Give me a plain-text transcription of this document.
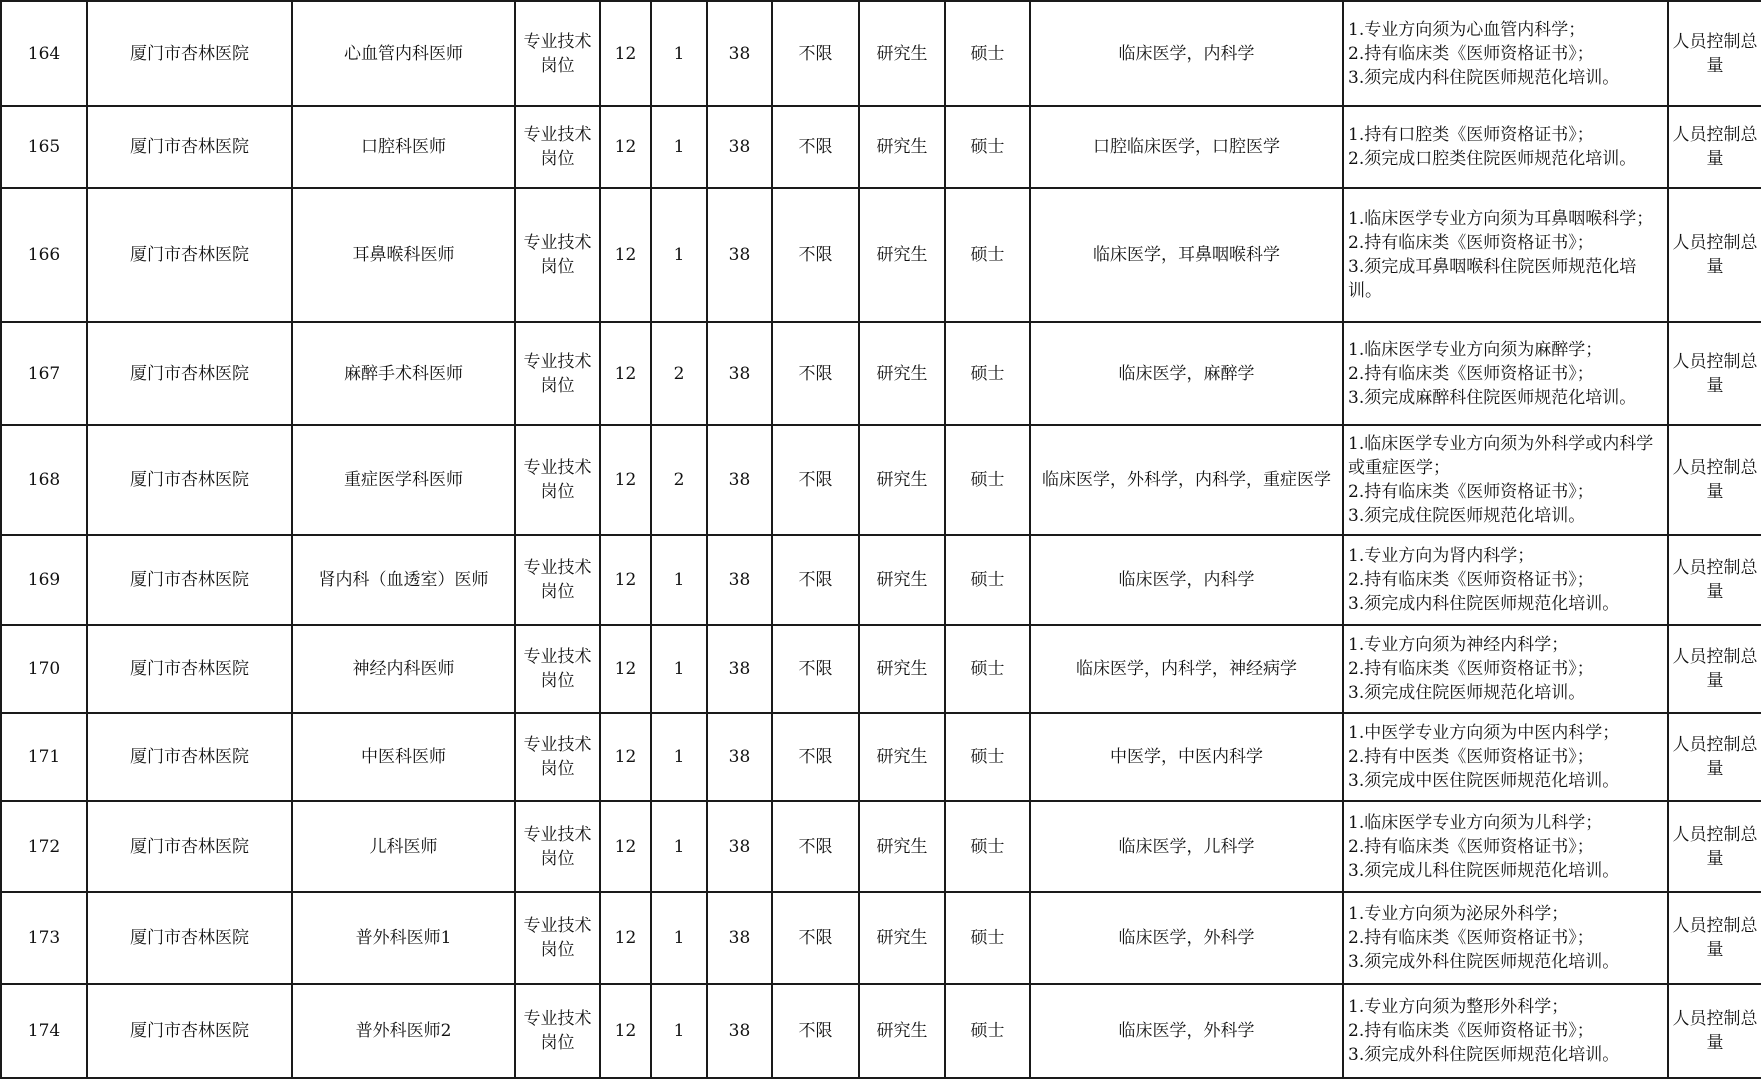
164	厦门市杏林医院	心血管内科医师	专业技术岗位	12	1	38	不限	研究生	硕士	临床医学，内科学	1.专业方向须为心血管内科学；
2.持有临床类《医师资格证书》；
3.须完成内科住院医师规范化培训。	人员控制总量
165	厦门市杏林医院	口腔科医师	专业技术岗位	12	1	38	不限	研究生	硕士	口腔临床医学，口腔医学	1.持有口腔类《医师资格证书》；
2.须完成口腔类住院医师规范化培训。	人员控制总量
166	厦门市杏林医院	耳鼻喉科医师	专业技术岗位	12	1	38	不限	研究生	硕士	临床医学，耳鼻咽喉科学	1.临床医学专业方向须为耳鼻咽喉科学；
2.持有临床类《医师资格证书》；
3.须完成耳鼻咽喉科住院医师规范化培训。	人员控制总量
167	厦门市杏林医院	麻醉手术科医师	专业技术岗位	12	2	38	不限	研究生	硕士	临床医学，麻醉学	1.临床医学专业方向须为麻醉学；
2.持有临床类《医师资格证书》；
3.须完成麻醉科住院医师规范化培训。	人员控制总量
168	厦门市杏林医院	重症医学科医师	专业技术岗位	12	2	38	不限	研究生	硕士	临床医学，外科学，内科学，重症医学	1.临床医学专业方向须为外科学或内科学或重症医学；
2.持有临床类《医师资格证书》；
3.须完成住院医师规范化培训。	人员控制总量
169	厦门市杏林医院	肾内科（血透室）医师	专业技术岗位	12	1	38	不限	研究生	硕士	临床医学，内科学	1.专业方向为肾内科学；
2.持有临床类《医师资格证书》；
3.须完成内科住院医师规范化培训。	人员控制总量
170	厦门市杏林医院	神经内科医师	专业技术岗位	12	1	38	不限	研究生	硕士	临床医学，内科学，神经病学	1.专业方向须为神经内科学；
2.持有临床类《医师资格证书》；
3.须完成住院医师规范化培训。	人员控制总量
171	厦门市杏林医院	中医科医师	专业技术岗位	12	1	38	不限	研究生	硕士	中医学，中医内科学	1.中医学专业方向须为中医内科学；
2.持有中医类《医师资格证书》；
3.须完成中医住院医师规范化培训。	人员控制总量
172	厦门市杏林医院	儿科医师	专业技术岗位	12	1	38	不限	研究生	硕士	临床医学，儿科学	1.临床医学专业方向须为儿科学；
2.持有临床类《医师资格证书》；
3.须完成儿科住院医师规范化培训。	人员控制总量
173	厦门市杏林医院	普外科医师1	专业技术岗位	12	1	38	不限	研究生	硕士	临床医学，外科学	1.专业方向须为泌尿外科学；
2.持有临床类《医师资格证书》；
3.须完成外科住院医师规范化培训。	人员控制总量
174	厦门市杏林医院	普外科医师2	专业技术岗位	12	1	38	不限	研究生	硕士	临床医学，外科学	1.专业方向须为整形外科学；
2.持有临床类《医师资格证书》；
3.须完成外科住院医师规范化培训。	人员控制总量
